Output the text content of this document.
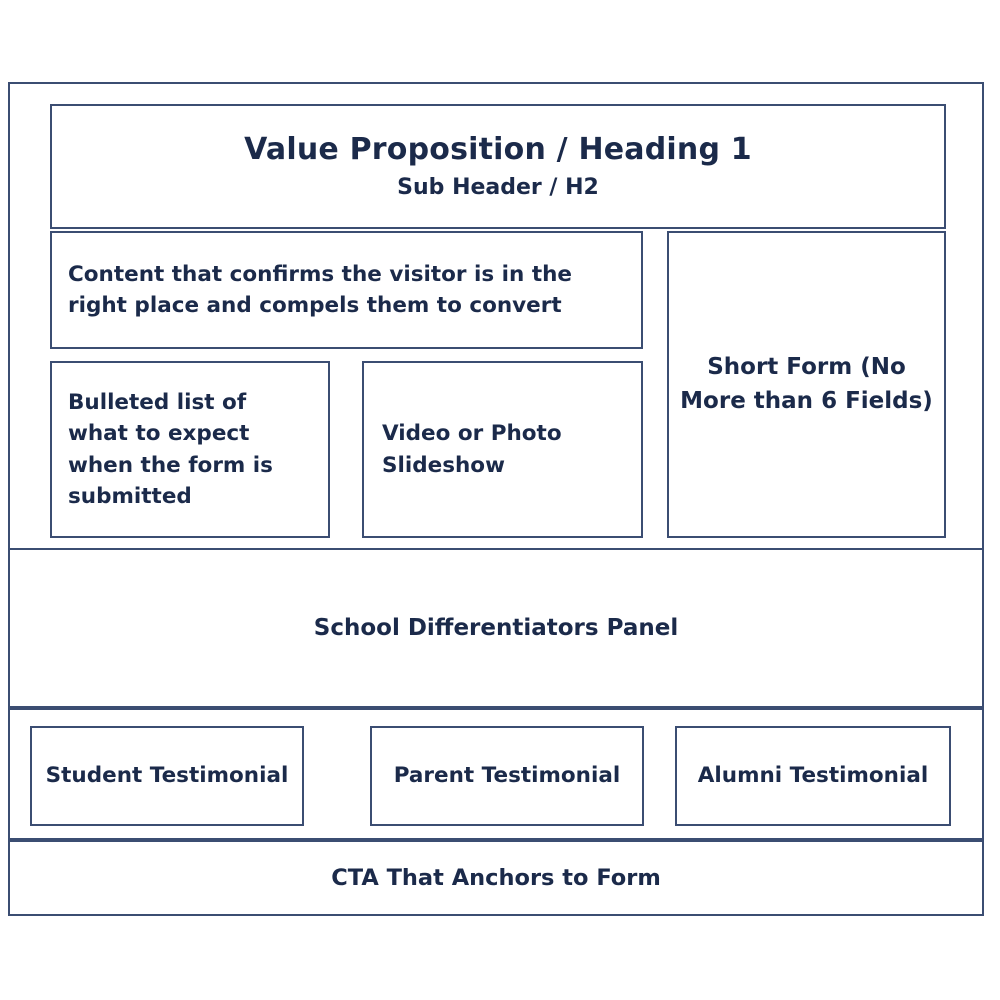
Value Proposition / Heading 1
Sub Header / H2
Content that confirms the visitor is in the right place and compels them to convert
Bulleted list of what to expect when the form is submitted
Video or Photo Slideshow
Short Form (No More than 6 Fields)
School Differentiators Panel
Student Testimonial	Parent Testimonial	Alumni Testimonial
CTA That Anchors to Form
